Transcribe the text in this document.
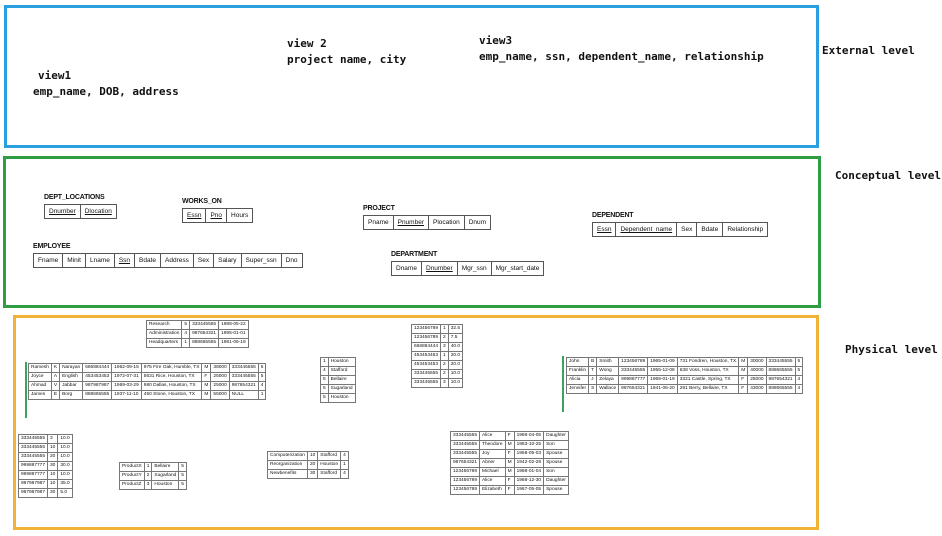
External level
view1
emp_name, DOB, address
view 2
project name, city
view3
emp_name, ssn, dependent_name, relationship
Conceptual level
DEPT_LOCATIONS
Dnumber	Dlocation
WORKS_ON
Essn	Pno	Hours
PROJECT
Pname	Pnumber	Plocation	Dnum
DEPENDENT
Essn	Dependent_name	Sex	Bdate	Relationship
EMPLOYEE
Fname	Minit	Lname	Ssn	Bdate	Address	Sex	Salary	Super_ssn	Dno
DEPARTMENT
Dname	Dnumber	Mgr_ssn	Mgr_start_date
Physical level
Research	5	333445555	1988-05-22
Administration	4	987654321	1995-01-01
Headquarters	1	888665555	1981-06-19
Ramesh	K	Narayan	666884444	1962-09-15	975 Fire Oak, Humble, TX	M	38000	333445555	5
Joyce	A	English	453453453	1972-07-31	5631 Rice, Houston, TX	F	25000	333445555	5
Ahmad	V	Jabbar	987987987	1969-03-29	980 Dallas, Houston, TX	M	25000	987654321	4
James	E	Borg	888665555	1937-11-10	450 Stone, Houston, TX	M	55000	NULL	1
1	Houston
4	Stafford
5	Bellaire
5	Sugarland
5	Houston
123456789	1	32.5
123456789	2	7.5
666884444	3	40.0
453453453	1	20.0
453453453	2	20.0
333445555	2	10.0
333445555	3	10.0
John	B	Smith	123456789	1965-01-09	731 Fondren, Houston, TX	M	30000	333445555	5
Franklin	T	Wong	333445555	1955-12-08	638 Voss, Houston, TX	M	40000	888665555	5
Alicia	J	Zelaya	999887777	1968-01-19	3321 Castle, Spring, TX	F	25000	987654321	4
Jennifer	S	Wallace	987654321	1941-06-20	291 Berry, Bellaire, TX	F	43000	888665555	4
333445555	3	10.0
333445555	10	10.0
333445555	20	10.0
999887777	30	30.0
999887777	10	10.0
987987987	10	35.0
987987987	30	5.0
ProductX	1	Bellaire	5
ProductY	2	Sugarland	5
ProductZ	3	Houston	5
Computerization	10	Stafford	4
Reorganization	20	Houston	1
Newbenefits	30	Stafford	4
333445555	Alice	F	1986-04-05	Daughter
333445555	Theodore	M	1983-10-25	Son
333445555	Joy	F	1958-05-03	Spouse
987654321	Abner	M	1942-02-28	Spouse
123456789	Michael	M	1988-01-04	Son
123456789	Alice	F	1988-12-30	Daughter
123456789	Elizabeth	F	1967-05-05	Spouse
